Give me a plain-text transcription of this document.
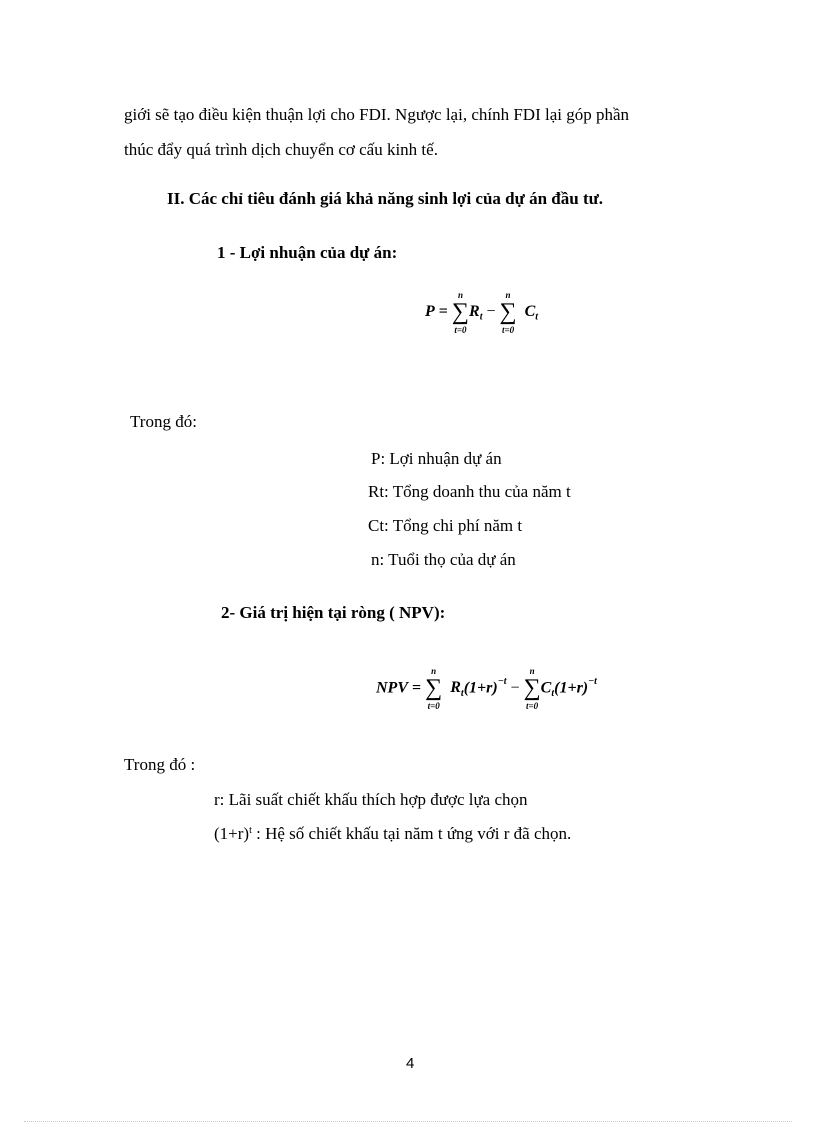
giới sẽ tạo điều kiện thuận lợi cho FDI. Ngược lại, chính FDI lại góp phần
thúc đẩy quá trình dịch chuyển cơ cấu kinh tế.
II. Các chỉ tiêu đánh giá khả năng sinh lợi của dự án đầu tư.
1 - Lợi nhuận của dự án:
P = ∑
n
t=0
$R_t$ − ∑
n
t=0
$C_t$
Trong đó:
P: Lợi nhuận dự án
Rt: Tổng doanh thu của năm t
Ct: Tổng chi phí năm t
n: Tuổi thọ của dự án
2- Giá trị hiện tại ròng ( NPV):
NPV = ∑
n
t=0
$R_t(1+r)^{-t}$ − ∑
n
t=0
$C_t(1+r)^{-t}$
Trong đó :
r: Lãi suất chiết khấu thích hợp được lựa chọn
$(1+r)^t$ : Hệ số chiết khấu tại năm t ứng với r đã chọn.
4
